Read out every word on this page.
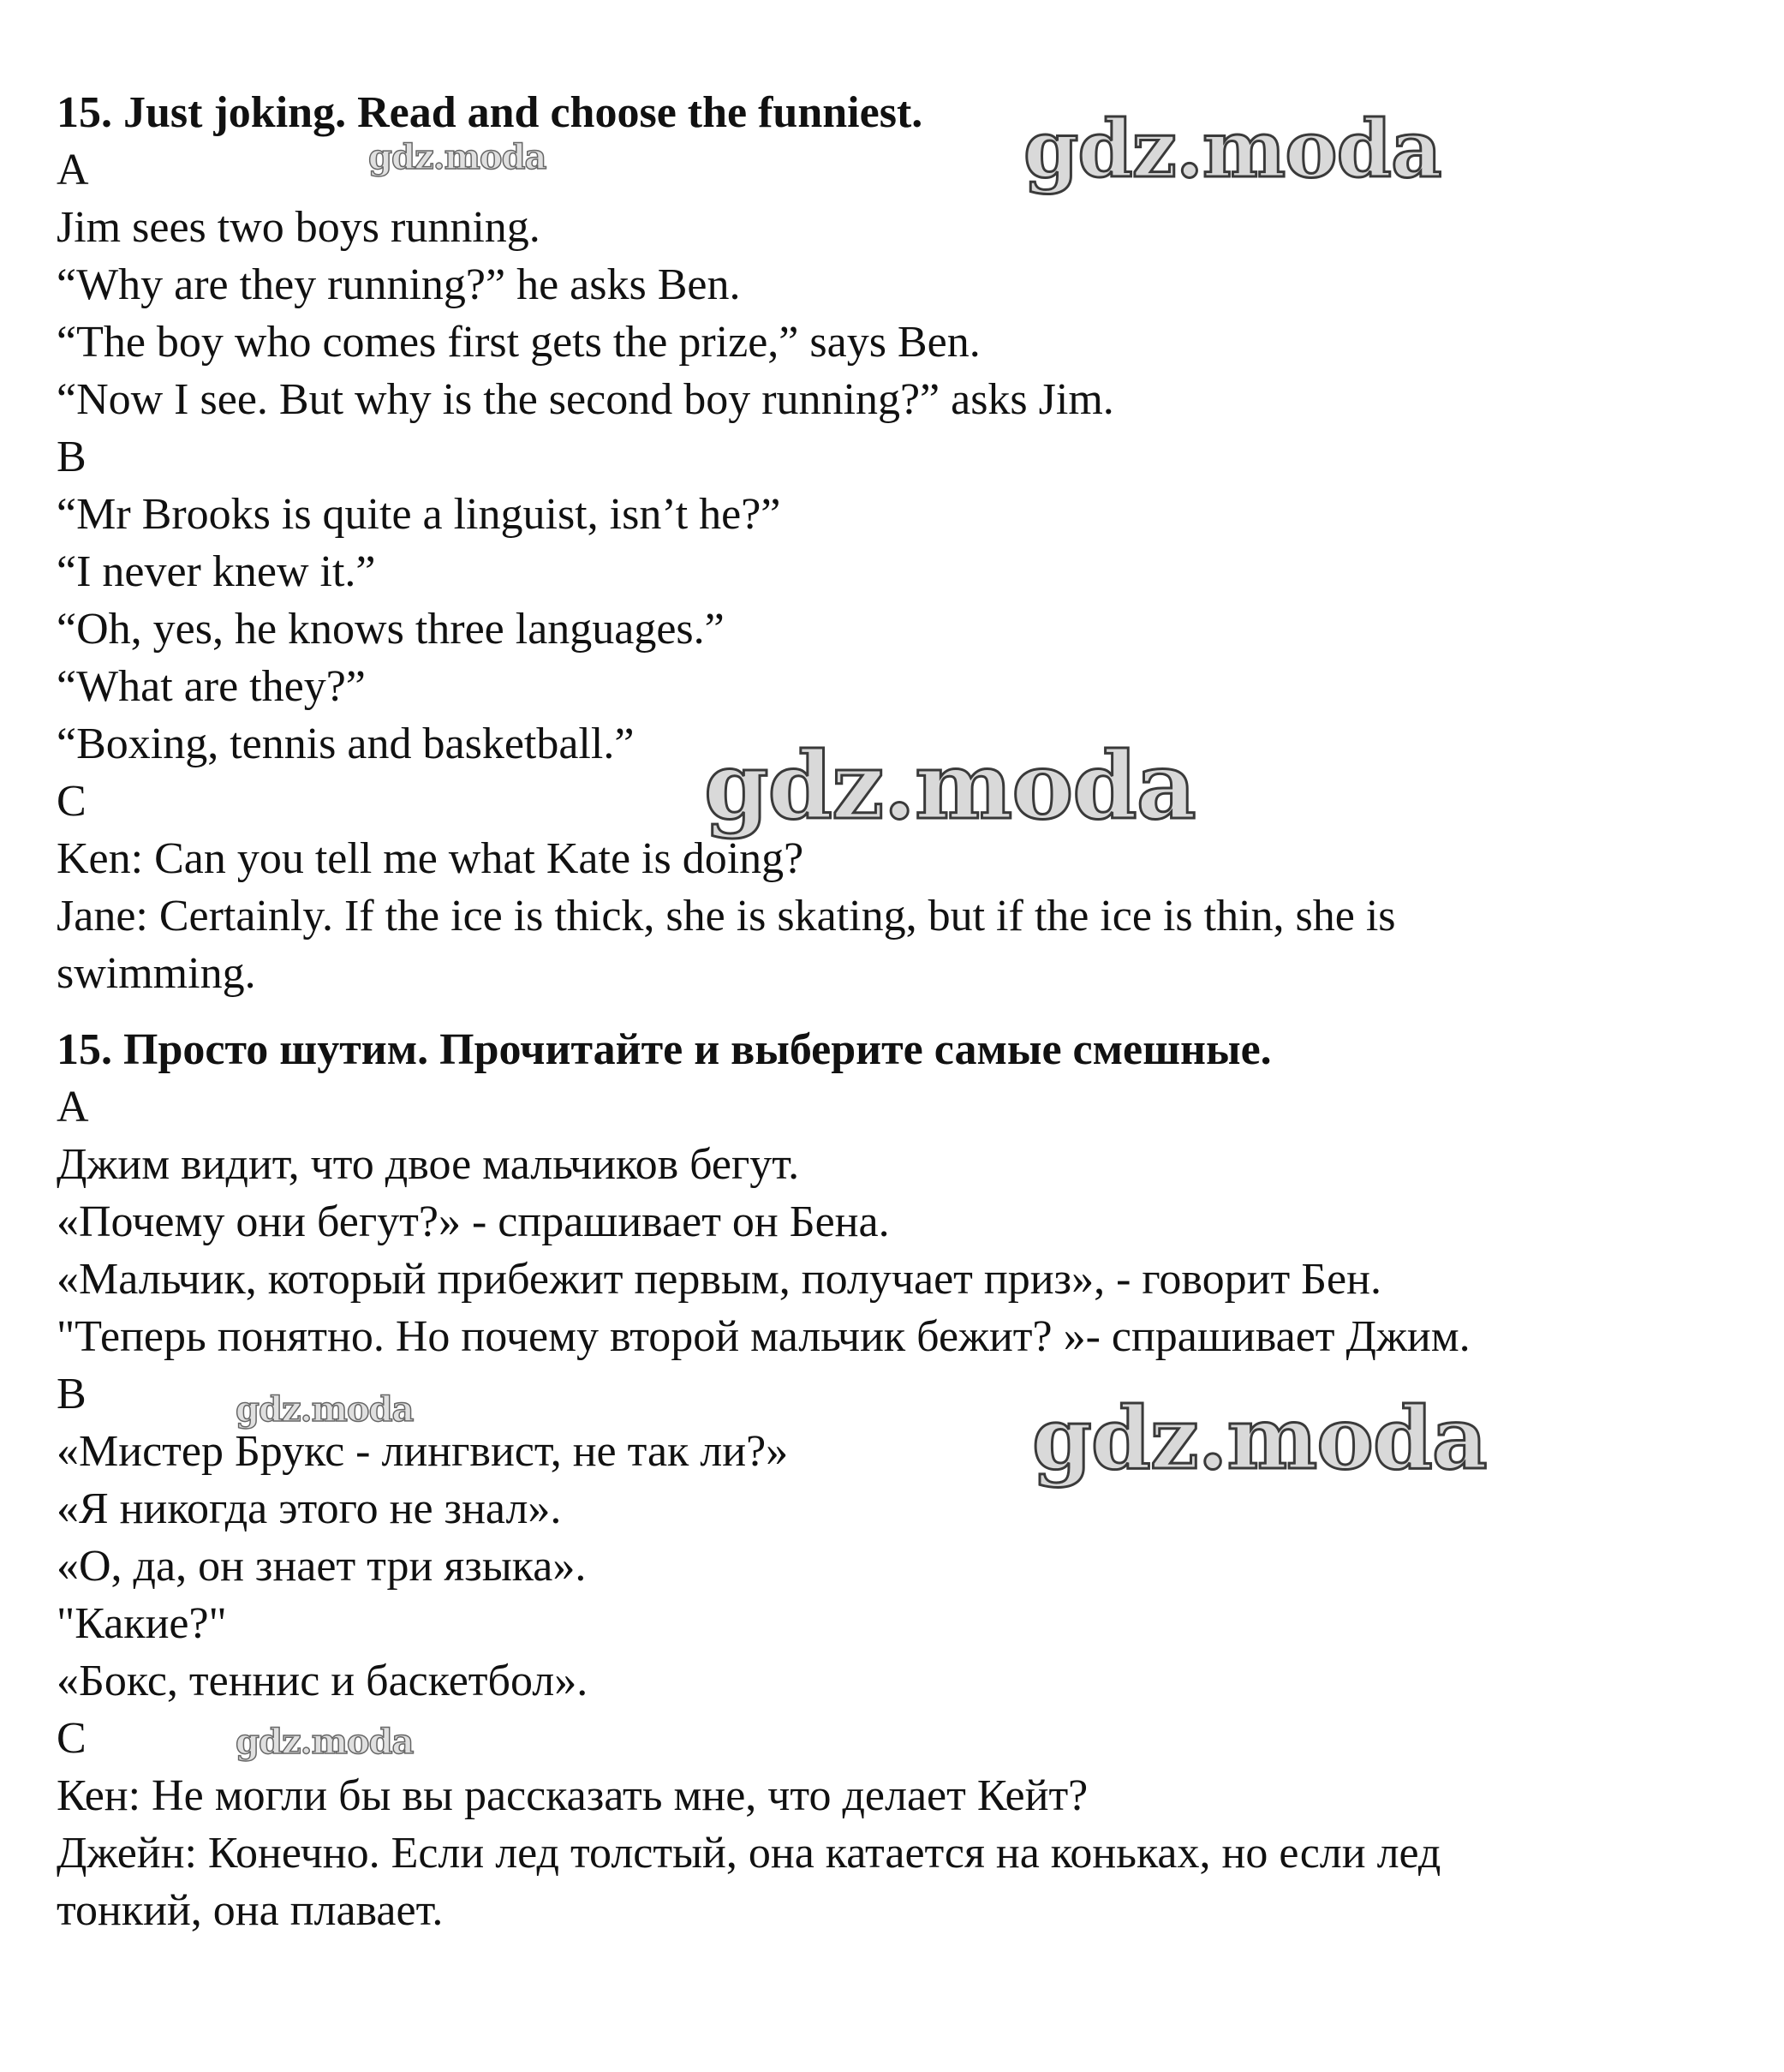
15. Just joking. Read and choose the funniest.
A
Jim sees two boys running.
“Why are they running?” he asks Ben.
“The boy who comes first gets the prize,” says Ben.
“Now I see. But why is the second boy running?” asks Jim.
B
“Mr Brooks is quite a linguist, isn’t he?”
“I never knew it.”
“Oh, yes, he knows three languages.”
“What are they?”
“Boxing, tennis and basketball.”
C
Ken: Can you tell me what Kate is doing?
Jane: Certainly. If the ice is thick, she is skating, but if the ice is thin, she is
swimming.
15. Просто шутим. Прочитайте и выберите самые смешные.
A
Джим видит, что двое мальчиков бегут.
«Почему они бегут?» - спрашивает он Бена.
«Мальчик, который прибежит первым, получает приз», - говорит Бен.
"Теперь понятно. Но почему второй мальчик бежит? »- спрашивает Джим.
B
«Мистер Брукс - лингвист, не так ли?»
«Я никогда этого не знал».
«О, да, он знает три языка».
"Какие?"
«Бокс, теннис и баскетбол».
C
Кен: Не могли бы вы рассказать мне, что делает Кейт?
Джейн: Конечно. Если лед толстый, она катается на коньках, но если лед
тонкий, она плавает.
gdz.moda	gdz.moda
gdz.moda
gdz.moda	gdz.moda
gdz.moda
